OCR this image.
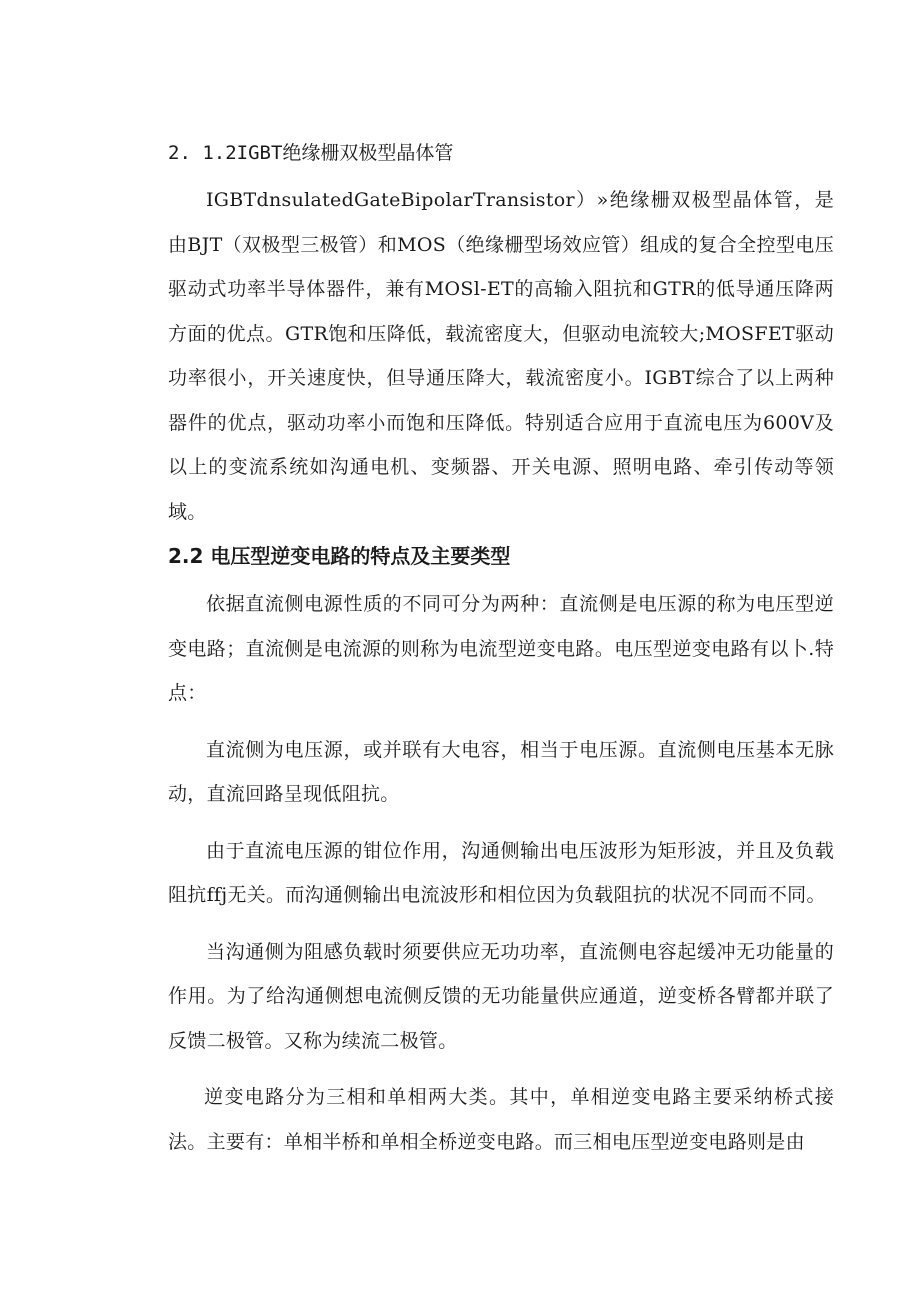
2. 1.2IGBT绝缘栅双极型晶体管

IGBTdnsulatedGateBipolarTransistor）»绝缘栅双极型晶体管，是由BJT（双极型三极管）和MOS（绝缘栅型场效应管）组成的复合全控型电压驱动式功率半导体器件，兼有MOSl-ET的高输入阻抗和GTR的低导通压降两方面的优点。GTR饱和压降低，载流密度大，但驱动电流较大;MOSFET驱动功率很小，开关速度快，但导通压降大，载流密度小。IGBT综合了以上两种器件的优点，驱动功率小而饱和压降低。特别适合应用于直流电压为600V及以上的变流系统如沟通电机、变频器、开关电源、照明电路、牵引传动等领域。

2.2 电压型逆变电路的特点及主要类型

依据直流侧电源性质的不同可分为两种：直流侧是电压源的称为电压型逆变电路；直流侧是电流源的则称为电流型逆变电路。电压型逆变电路有以卜.特点：

直流侧为电压源，或并联有大电容，相当于电压源。直流侧电压基本无脉动，直流回路呈现低阻抗。

由于直流电压源的钳位作用，沟通侧输出电压波形为矩形波，并且及负载阻抗ffj无关。而沟通侧输出电流波形和相位因为负载阻抗的状况不同而不同。

当沟通侧为阻感负载时须要供应无功功率，直流侧电容起缓冲无功能量的作用。为了给沟通侧想电流侧反馈的无功能量供应通道，逆变桥各臂都并联了反馈二极管。又称为续流二极管。

逆变电路分为三相和单相两大类。其中，单相逆变电路主要采纳桥式接法。主要有：单相半桥和单相全桥逆变电路。而三相电压型逆变电路则是由
